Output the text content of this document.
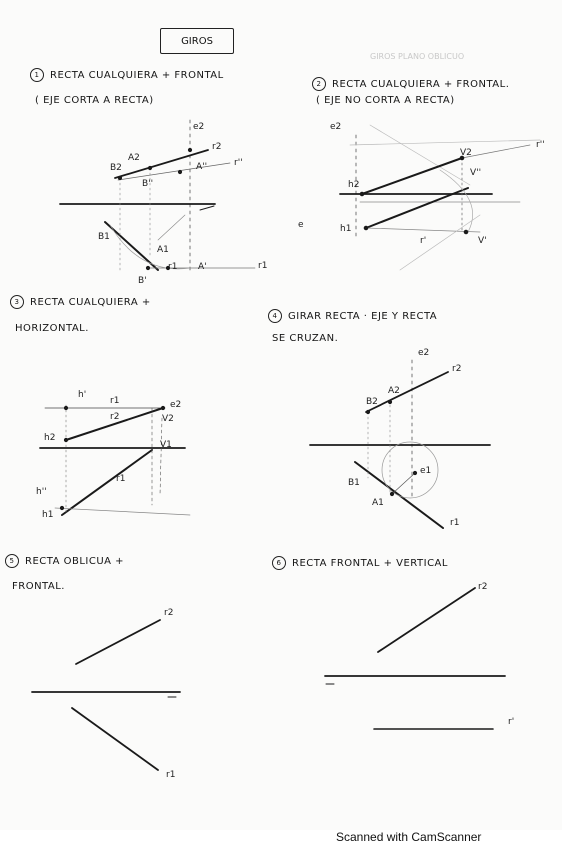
GIROS
GIROS PLANO OBLICUO
1 RECTA CUALQUIERA + FRONTAL
( EJE CORTA A RECTA)
2 RECTA CUALQUIERA + FRONTAL.
( EJE NO CORTA A RECTA)
3 RECTA CUALQUIERA +
HORIZONTAL.
4 GIRAR RECTA · EJE Y RECTA
SE CRUZAN.
5 RECTA OBLICUA +
FRONTAL.
6 RECTA FRONTAL + VERTICAL
e2
r2
A2
B2
B''
A''	r''
B1
A1
r1
B'
A'	r1
e2
r''
V2
V''
h2
e	h1
r'	V'
h'
r1
r2
e2
V2
V1
h2
r1
h''
h1
e2
r2
A2
B2
e1
B1
A1
r1
r2
r1
r2
r'
Scanned with CamScanner
